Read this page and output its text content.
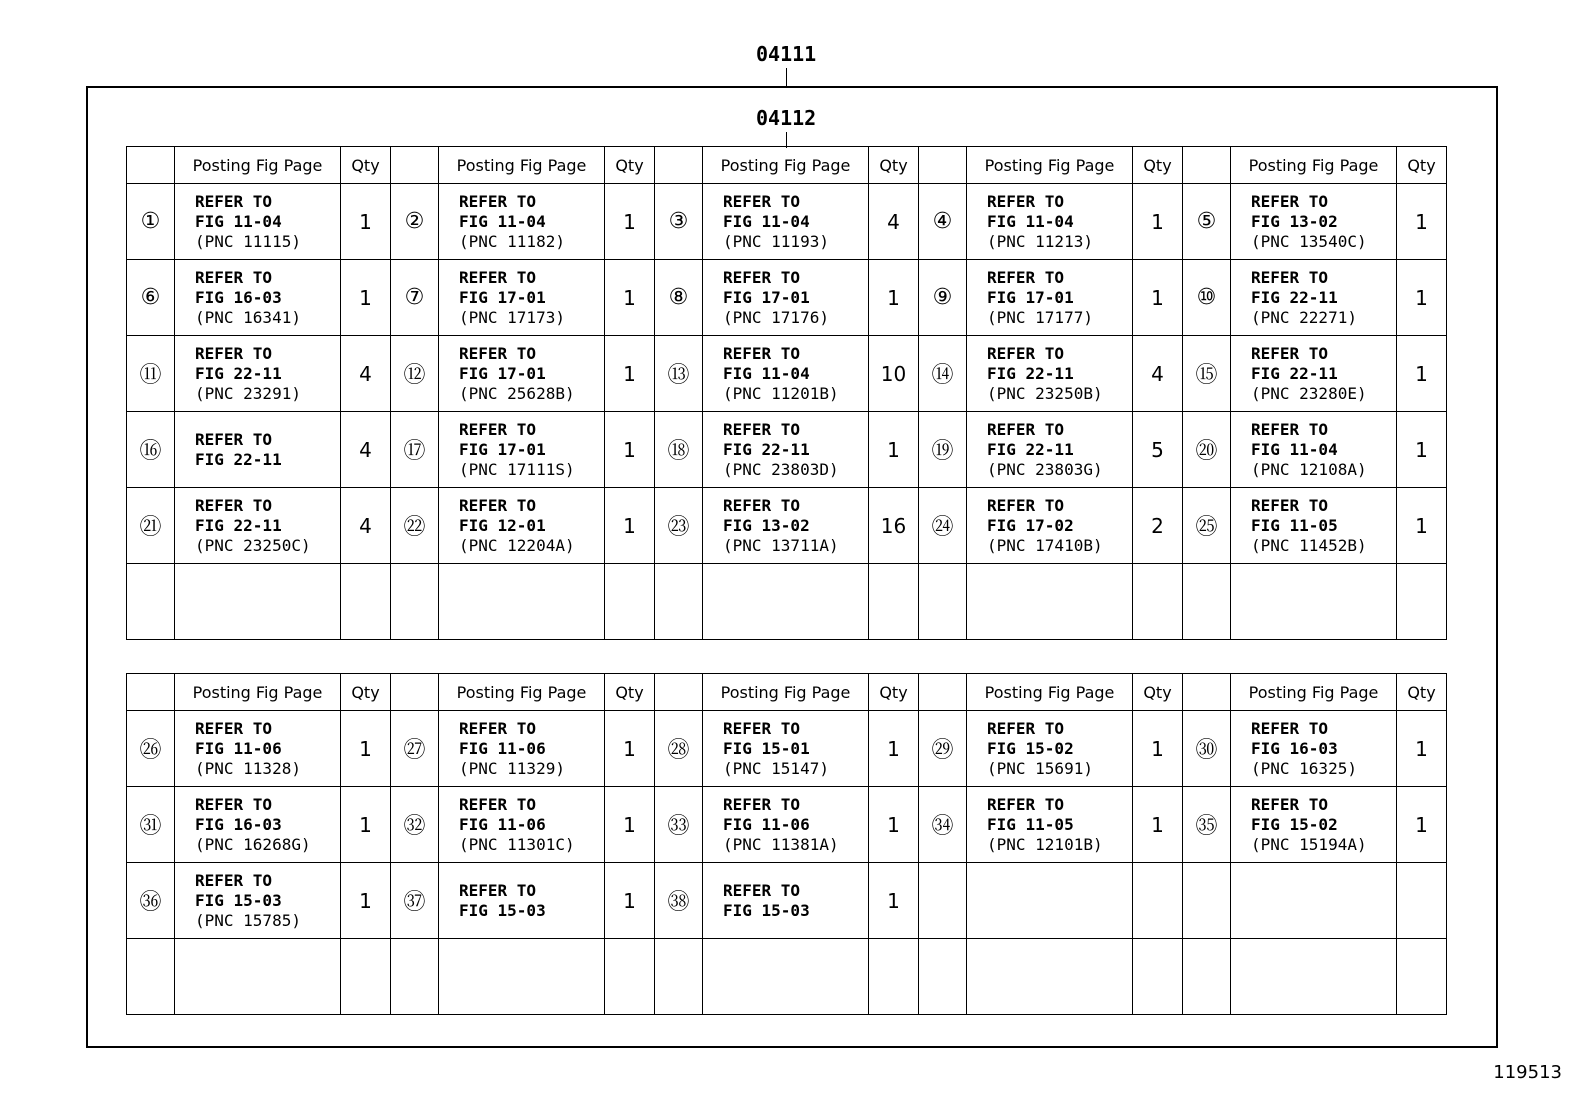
04111
04112
	Posting Fig Page	Qty		Posting Fig Page	Qty		Posting Fig Page	Qty		Posting Fig Page	Qty		Posting Fig Page	Qty
①	REFER TO
FIG 11-04
(PNC 11115)	1	②	REFER TO
FIG 11-04
(PNC 11182)	1	③	REFER TO
FIG 11-04
(PNC 11193)	4	④	REFER TO
FIG 11-04
(PNC 11213)	1	⑤	REFER TO
FIG 13-02
(PNC 13540C)	1
⑥	REFER TO
FIG 16-03
(PNC 16341)	1	⑦	REFER TO
FIG 17-01
(PNC 17173)	1	⑧	REFER TO
FIG 17-01
(PNC 17176)	1	⑨	REFER TO
FIG 17-01
(PNC 17177)	1	⑩	REFER TO
FIG 22-11
(PNC 22271)	1
⑪	REFER TO
FIG 22-11
(PNC 23291)	4	⑫	REFER TO
FIG 17-01
(PNC 25628B)	1	⑬	REFER TO
FIG 11-04
(PNC 11201B)	10	⑭	REFER TO
FIG 22-11
(PNC 23250B)	4	⑮	REFER TO
FIG 22-11
(PNC 23280E)	1
⑯	REFER TO
FIG 22-11	4	⑰	REFER TO
FIG 17-01
(PNC 17111S)	1	⑱	REFER TO
FIG 22-11
(PNC 23803D)	1	⑲	REFER TO
FIG 22-11
(PNC 23803G)	5	⑳	REFER TO
FIG 11-04
(PNC 12108A)	1
㉑	REFER TO
FIG 22-11
(PNC 23250C)	4	㉒	REFER TO
FIG 12-01
(PNC 12204A)	1	㉓	REFER TO
FIG 13-02
(PNC 13711A)	16	㉔	REFER TO
FIG 17-02
(PNC 17410B)	2	㉕	REFER TO
FIG 11-05
(PNC 11452B)	1

	Posting Fig Page	Qty		Posting Fig Page	Qty		Posting Fig Page	Qty		Posting Fig Page	Qty		Posting Fig Page	Qty
㉖	REFER TO
FIG 11-06
(PNC 11328)	1	㉗	REFER TO
FIG 11-06
(PNC 11329)	1	㉘	REFER TO
FIG 15-01
(PNC 15147)	1	㉙	REFER TO
FIG 15-02
(PNC 15691)	1	㉚	REFER TO
FIG 16-03
(PNC 16325)	1
㉛	REFER TO
FIG 16-03
(PNC 16268G)	1	㉜	REFER TO
FIG 11-06
(PNC 11301C)	1	㉝	REFER TO
FIG 11-06
(PNC 11381A)	1	㉞	REFER TO
FIG 11-05
(PNC 12101B)	1	㉟	REFER TO
FIG 15-02
(PNC 15194A)	1
㊱	REFER TO
FIG 15-03
(PNC 15785)	1	㊲	REFER TO
FIG 15-03	1	㊳	REFER TO
FIG 15-03	1		

119513
